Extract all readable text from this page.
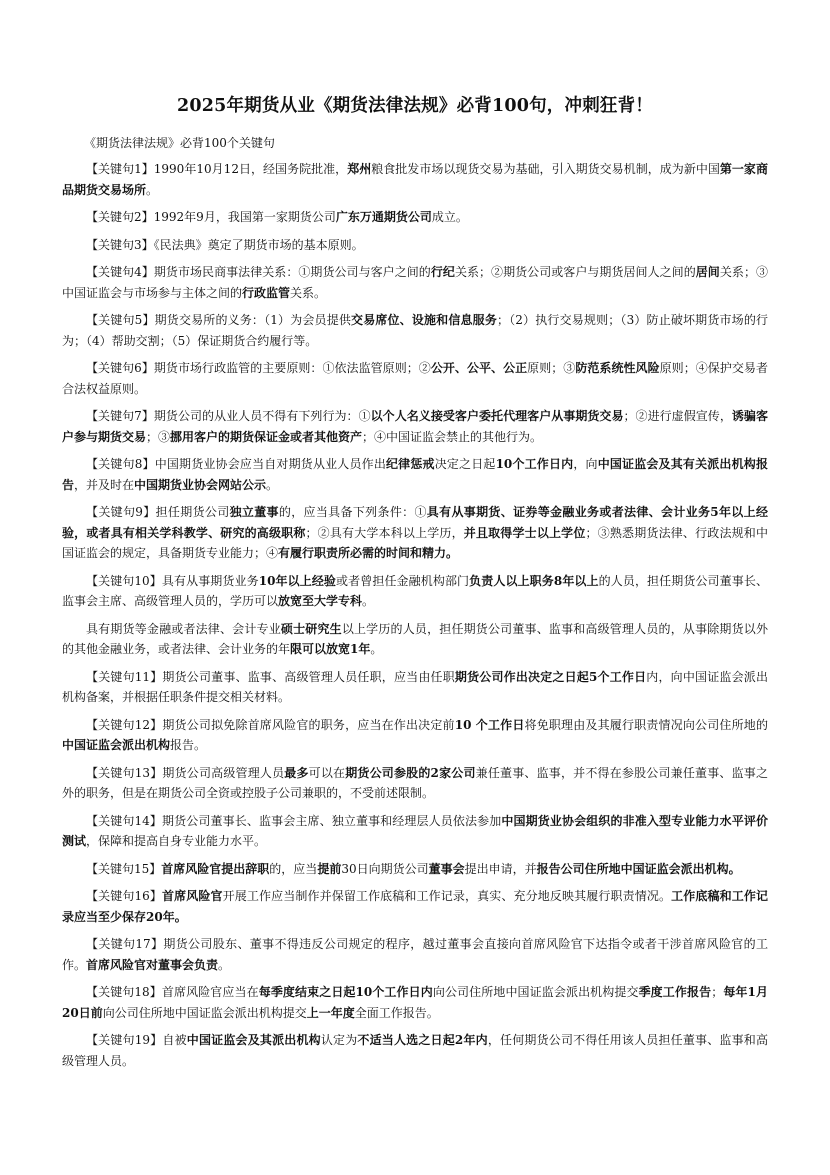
2025年期货从业《期货法律法规》必背100句，冲刺狂背！
《期货法律法规》必背100个关键句

【关键句1】1990年10月12日，经国务院批准，郑州粮食批发市场以现货交易为基础，引入期货交易机制，成为新中国第一家商品期货交易场所。

【关键句2】1992年9月，我国第一家期货公司广东万通期货公司成立。

【关键句3】《民法典》奠定了期货市场的基本原则。

【关键句4】期货市场民商事法律关系：①期货公司与客户之间的行纪关系；②期货公司或客户与期货居间人之间的居间关系；③中国证监会与市场参与主体之间的行政监管关系。

【关键句5】期货交易所的义务：（1）为会员提供交易席位、设施和信息服务；（2）执行交易规则；（3）防止破坏期货市场的行为；（4）帮助交割；（5）保证期货合约履行等。

【关键句6】期货市场行政监管的主要原则：①依法监管原则；②公开、公平、公正原则；③防范系统性风险原则；④保护交易者合法权益原则。

【关键句7】期货公司的从业人员不得有下列行为：①以个人名义接受客户委托代理客户从事期货交易；②进行虚假宣传，诱骗客户参与期货交易；③挪用客户的期货保证金或者其他资产；④中国证监会禁止的其他行为。

【关键句8】中国期货业协会应当自对期货从业人员作出纪律惩戒决定之日起10个工作日内，向中国证监会及其有关派出机构报告，并及时在中国期货业协会网站公示。

【关键句9】担任期货公司独立董事的，应当具备下列条件：①具有从事期货、证券等金融业务或者法律、会计业务5年以上经验，或者具有相关学科教学、研究的高级职称；②具有大学本科以上学历，并且取得学士以上学位；③熟悉期货法律、行政法规和中国证监会的规定，具备期货专业能力；④有履行职责所必需的时间和精力。

【关键句10】具有从事期货业务10年以上经验或者曾担任金融机构部门负责人以上职务8年以上的人员，担任期货公司董事长、监事会主席、高级管理人员的，学历可以放宽至大学专科。

具有期货等金融或者法律、会计专业硕士研究生以上学历的人员，担任期货公司董事、监事和高级管理人员的，从事除期货以外的其他金融业务，或者法律、会计业务的年限可以放宽1年。

【关键句11】期货公司董事、监事、高级管理人员任职，应当由任职期货公司作出决定之日起5个工作日内，向中国证监会派出机构备案，并根据任职条件提交相关材料。

【关键句12】期货公司拟免除首席风险官的职务，应当在作出决定前10 个工作日将免职理由及其履行职责情况向公司住所地的中国证监会派出机构报告。

【关键句13】期货公司高级管理人员最多可以在期货公司参股的2家公司兼任董事、监事，并不得在参股公司兼任董事、监事之外的职务，但是在期货公司全资或控股子公司兼职的，不受前述限制。

【关键句14】期货公司董事长、监事会主席、独立董事和经理层人员依法参加中国期货业协会组织的非准入型专业能力水平评价测试，保障和提高自身专业能力水平。

【关键句15】首席风险官提出辞职的，应当提前30日向期货公司董事会提出申请，并报告公司住所地中国证监会派出机构。

【关键句16】首席风险官开展工作应当制作并保留工作底稿和工作记录，真实、充分地反映其履行职责情况。工作底稿和工作记录应当至少保存20年。

【关键句17】期货公司股东、董事不得违反公司规定的程序，越过董事会直接向首席风险官下达指令或者干涉首席风险官的工作。首席风险官对董事会负责。

【关键句18】首席风险官应当在每季度结束之日起10个工作日内向公司住所地中国证监会派出机构提交季度工作报告；每年1月20日前向公司住所地中国证监会派出机构提交上一年度全面工作报告。

【关键句19】自被中国证监会及其派出机构认定为不适当人选之日起2年内，任何期货公司不得任用该人员担任董事、监事和高级管理人员。
